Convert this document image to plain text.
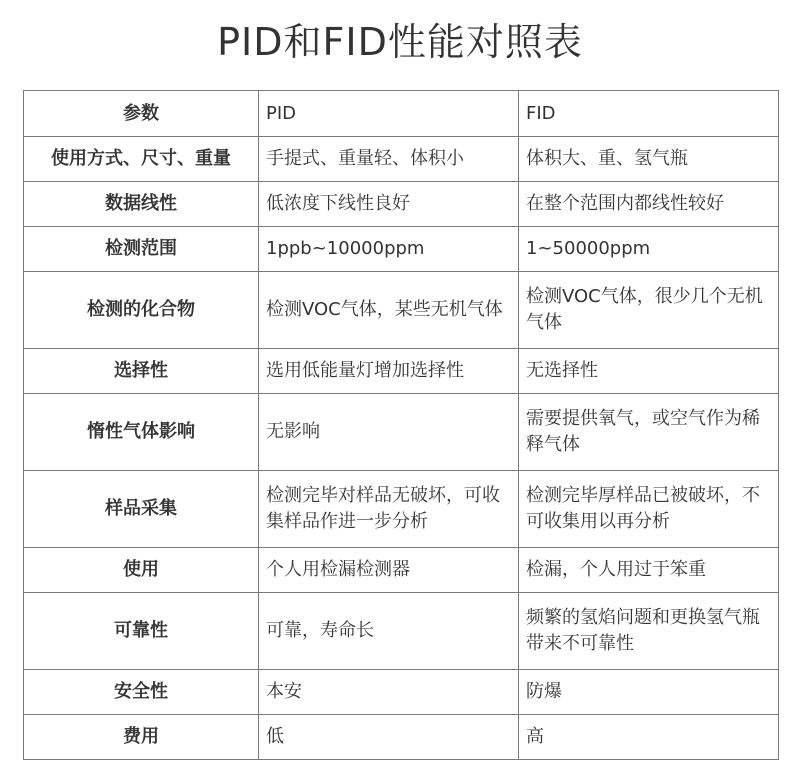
PID和FID性能对照表
参数	PID	FID
使用方式、尺寸、重量	手提式、重量轻、体积小	体积大、重、氢气瓶
数据线性	低浓度下线性良好	在整个范围内都线性较好
检测范围	1ppb~10000ppm	1~50000ppm
检测的化合物	检测VOC气体，某些无机气体	检测VOC气体，很少几个无机气体
选择性	选用低能量灯增加选择性	无选择性
惰性气体影响	无影响	需要提供氧气，或空气作为稀释气体
样品采集	检测完毕对样品无破坏，可收集样品作进一步分析	检测完毕厚样品已被破坏，不可收集用以再分析
使用	个人用检漏检测器	检漏，个人用过于笨重
可靠性	可靠，寿命长	频繁的氢焰问题和更换氢气瓶带来不可靠性
安全性	本安	防爆
费用	低	高
